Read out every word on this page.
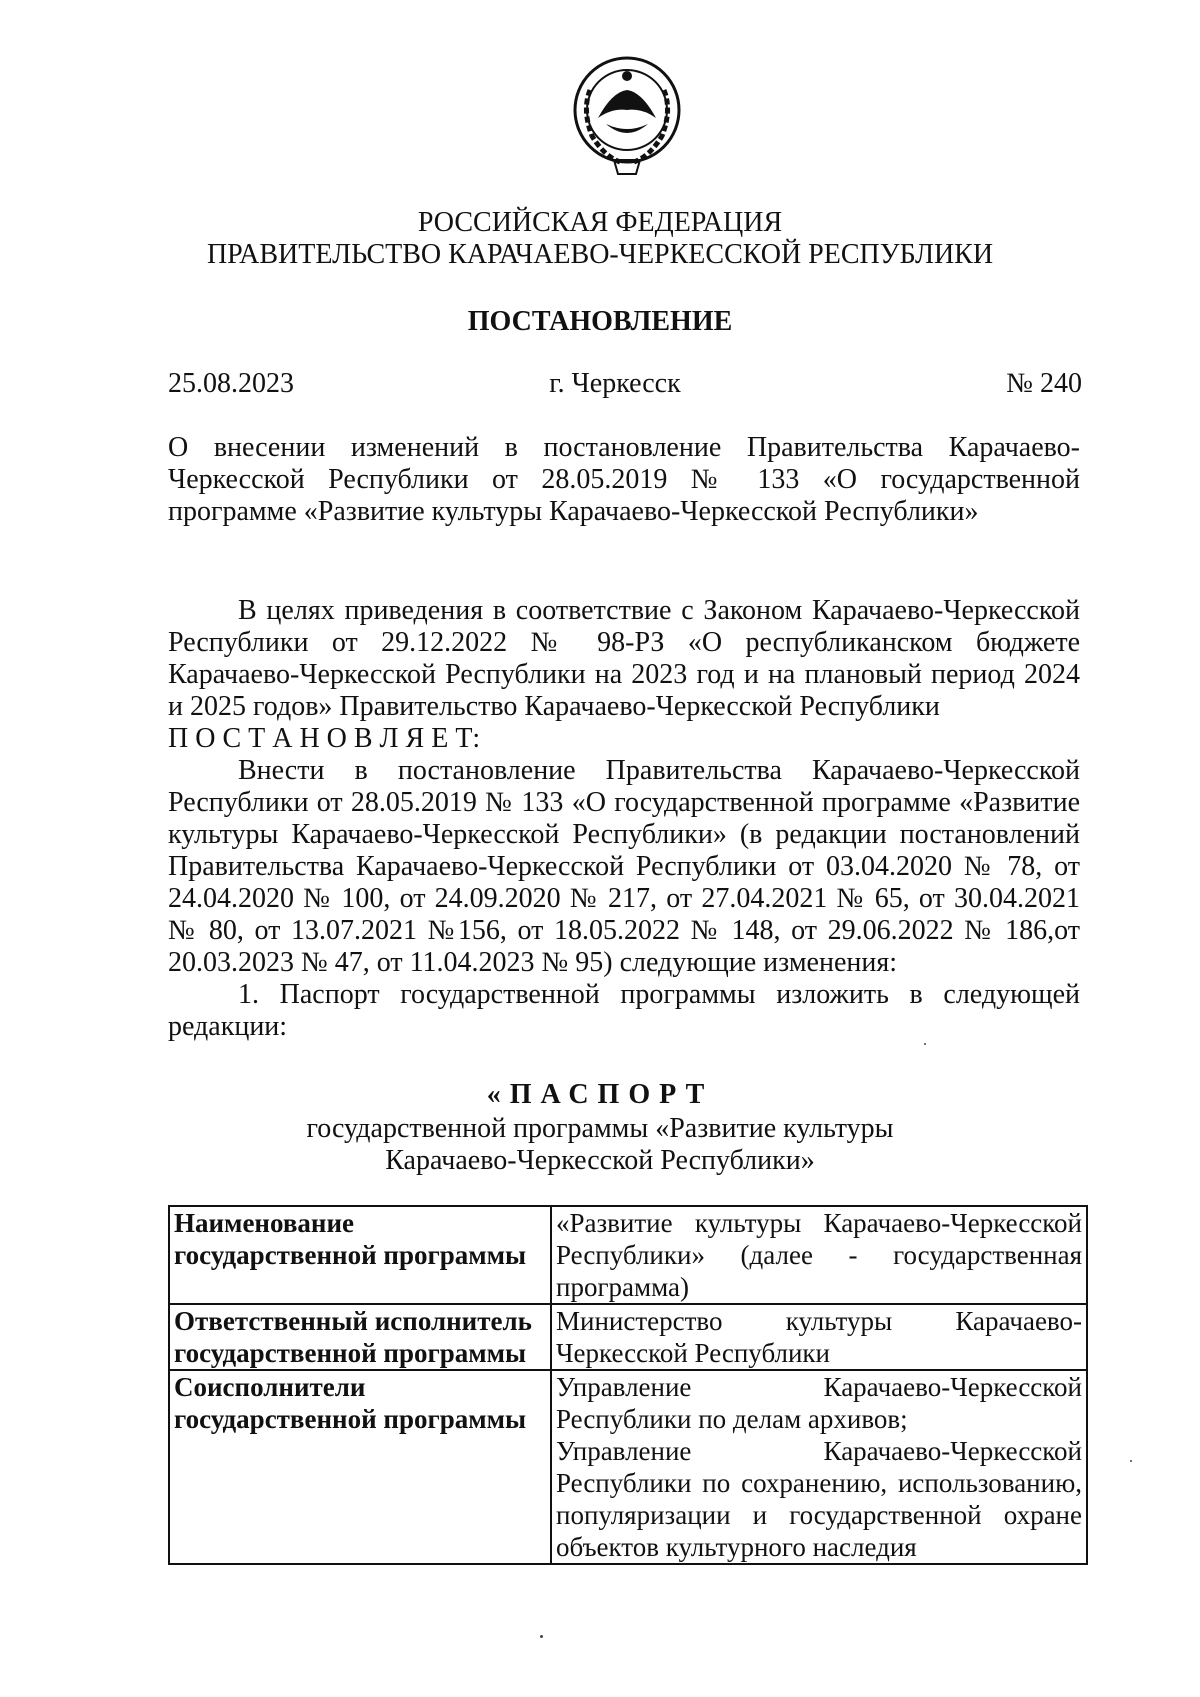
РОССИЙСКАЯ ФЕДЕРАЦИЯ
ПРАВИТЕЛЬСТВО КАРАЧАЕВО-ЧЕРКЕССКОЙ РЕСПУБЛИКИ
ПОСТАНОВЛЕНИЕ
25.08.2023	г. Черкесск	№ 240
О внесении изменений в постановление Правительства Карачаево-Черкесской Республики от 28.05.2019 № 133 «О государственной программе «Развитие культуры Карачаево-Черкесской Республики»

В целях приведения в соответствие с Законом Карачаево-Черкесской Республики от 29.12.2022 № 98-РЗ «О республиканском бюджете Карачаево-Черкесской Республики на 2023 год и на плановый период 2024 и 2025 годов» Правительство Карачаево-Черкесской Республики

П О С Т А Н О В Л Я Е Т:

Внести в постановление Правительства Карачаево-Черкесской Республики от 28.05.2019 № 133 «О государственной программе «Развитие культуры Карачаево-Черкесской Республики» (в редакции постановлений Правительства Карачаево-Черкесской Республики от 03.04.2020 № 78, от 24.04.2020 № 100, от 24.09.2020 № 217, от 27.04.2021 № 65, от 30.04.2021 № 80, от 13.07.2021 №156, от 18.05.2022 № 148, от 29.06.2022 № 186,от 20.03.2023 № 47, от 11.04.2023 № 95) следующие изменения:

1. Паспорт государственной программы изложить в следующей редакции:

«ПАСПОРТ
государственной программы «Развитие культуры
Карачаево-Черкесской Республики»
Наименование государственной программы	«Развитие культуры Карачаево-Черкесской Республики» (далее - государственная программа)

Ответственный исполнитель государственной программы	Министерство культуры Карачаево-Черкесской Республики

Соисполнители государственной программы	Управление Карачаево-Черкесской Республики по делам архивов;

Управление Карачаево-Черкесской Республики по сохранению, использованию, популяризации и государственной охране объектов культурного наследия
